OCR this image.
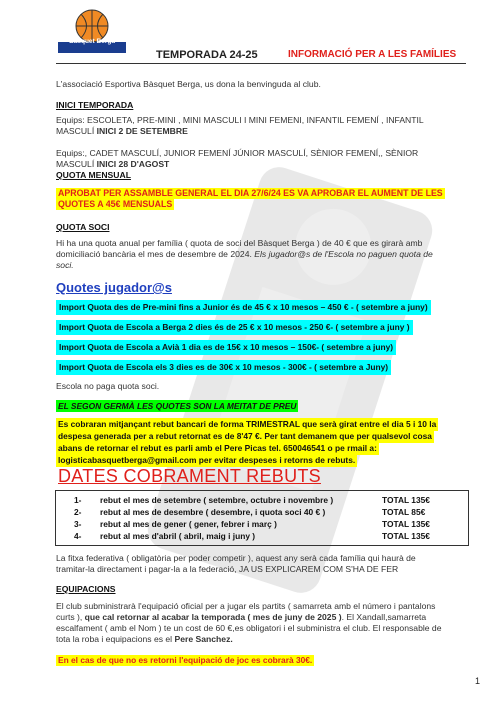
Bàsquet Berga
TEMPORADA 24-25	INFORMACIÓ PER A LES FAMÍLIES
L'associació Esportiva Bàsquet Berga, us dona la benvinguda al club.
INICI TEMPORADA
Equips: ESCOLETA, PRE-MINI , MINI MASCULI I MINI FEMENI, INFANTIL FEMENÍ , INFANTIL
MASCULÍ INICI 2 DE SETEMBRE
Equips:, CADET MASCULÍ, JUNIOR FEMENÍ JÚNIOR MASCULÍ, SÈNIOR FEMENÍ,, SÈNIOR
MASCULÍ INICI 28 D'AGOST
QUOTA MENSUAL
APROBAT PER ASSAMBLE GENERAL EL DIA 27/6/24 ES VA APROBAR EL AUMENT DE LES
QUOTES A 45€ MENSUALS
QUOTA SOCI
Hi ha una quota anual per família ( quota de soci del Bàsquet Berga ) de 40 € que es girarà amb
domiciliació bancària el mes de desembre de 2024. Els jugador@s de l'Escola no paguen quota de
soci.
Quotes jugador@s
Import Quota des de Pre-mini fins a Junior és de 45 € x 10 mesos – 450 € - ( setembre a juny)
Import Quota de Escola a Berga 2 dies és de 25 € x 10 mesos - 250 €- ( setembre a juny )
Import Quota de Escola a Avià 1 dia es de 15€ x 10 mesos – 150€- ( setembre a juny)
Import Quota de Escola els 3 dies es de 30€ x 10 mesos - 300€ - ( setembre a Juny)
Escola no paga quota soci.
EL SEGON GERMÀ LES QUOTES SON LA MEITAT DE PREU
Es cobraran mitjançant rebut bancari de forma TRIMESTRAL que serà girat entre el dia 5 i 10 la
despesa generada per a rebut retornat es de 8'47 €. Per tant demanem que per qualsevol cosa
abans de retornar el rebut es parli amb el Pere Picas tel. 650046541 o pe rmail a:
logisticabasquetberga@gmail.com per evitar despeses i retorns de rebuts.
DATES COBRAMENT REBUTS
1- rebut el mes de setembre ( setembre, octubre i novembre )	TOTAL 135€
2- rebut al mes de desembre ( desembre, i quota soci 40 € )	TOTAL 85€
3- rebut al mes de gener ( gener, febrer i març )	TOTAL 135€
4- rebut al mes d'abril ( abril, maig i juny )	TOTAL 135€
La fitxa federativa ( obligatòria per poder competir ), aquest any serà cada família qui haurà de
tramitar-la directament i pagar-la a la federació, JA US EXPLICAREM COM S'HA DE FER
EQUIPACIONS
El club subministrarà l'equipació oficial per a jugar els partits ( samarreta amb el número i pantalons
curts ), que cal retornar al acabar la temporada ( mes de juny de 2025 ). El Xandall,samarreta
escalfament ( amb el Nom ) te un cost de 60 €,es obligatori i el subministra el club. El responsable de
tota la roba i equipacions es el Pere Sanchez.
En el cas de que no es retorni l'equipació de joc es cobrarà 30€.
1
